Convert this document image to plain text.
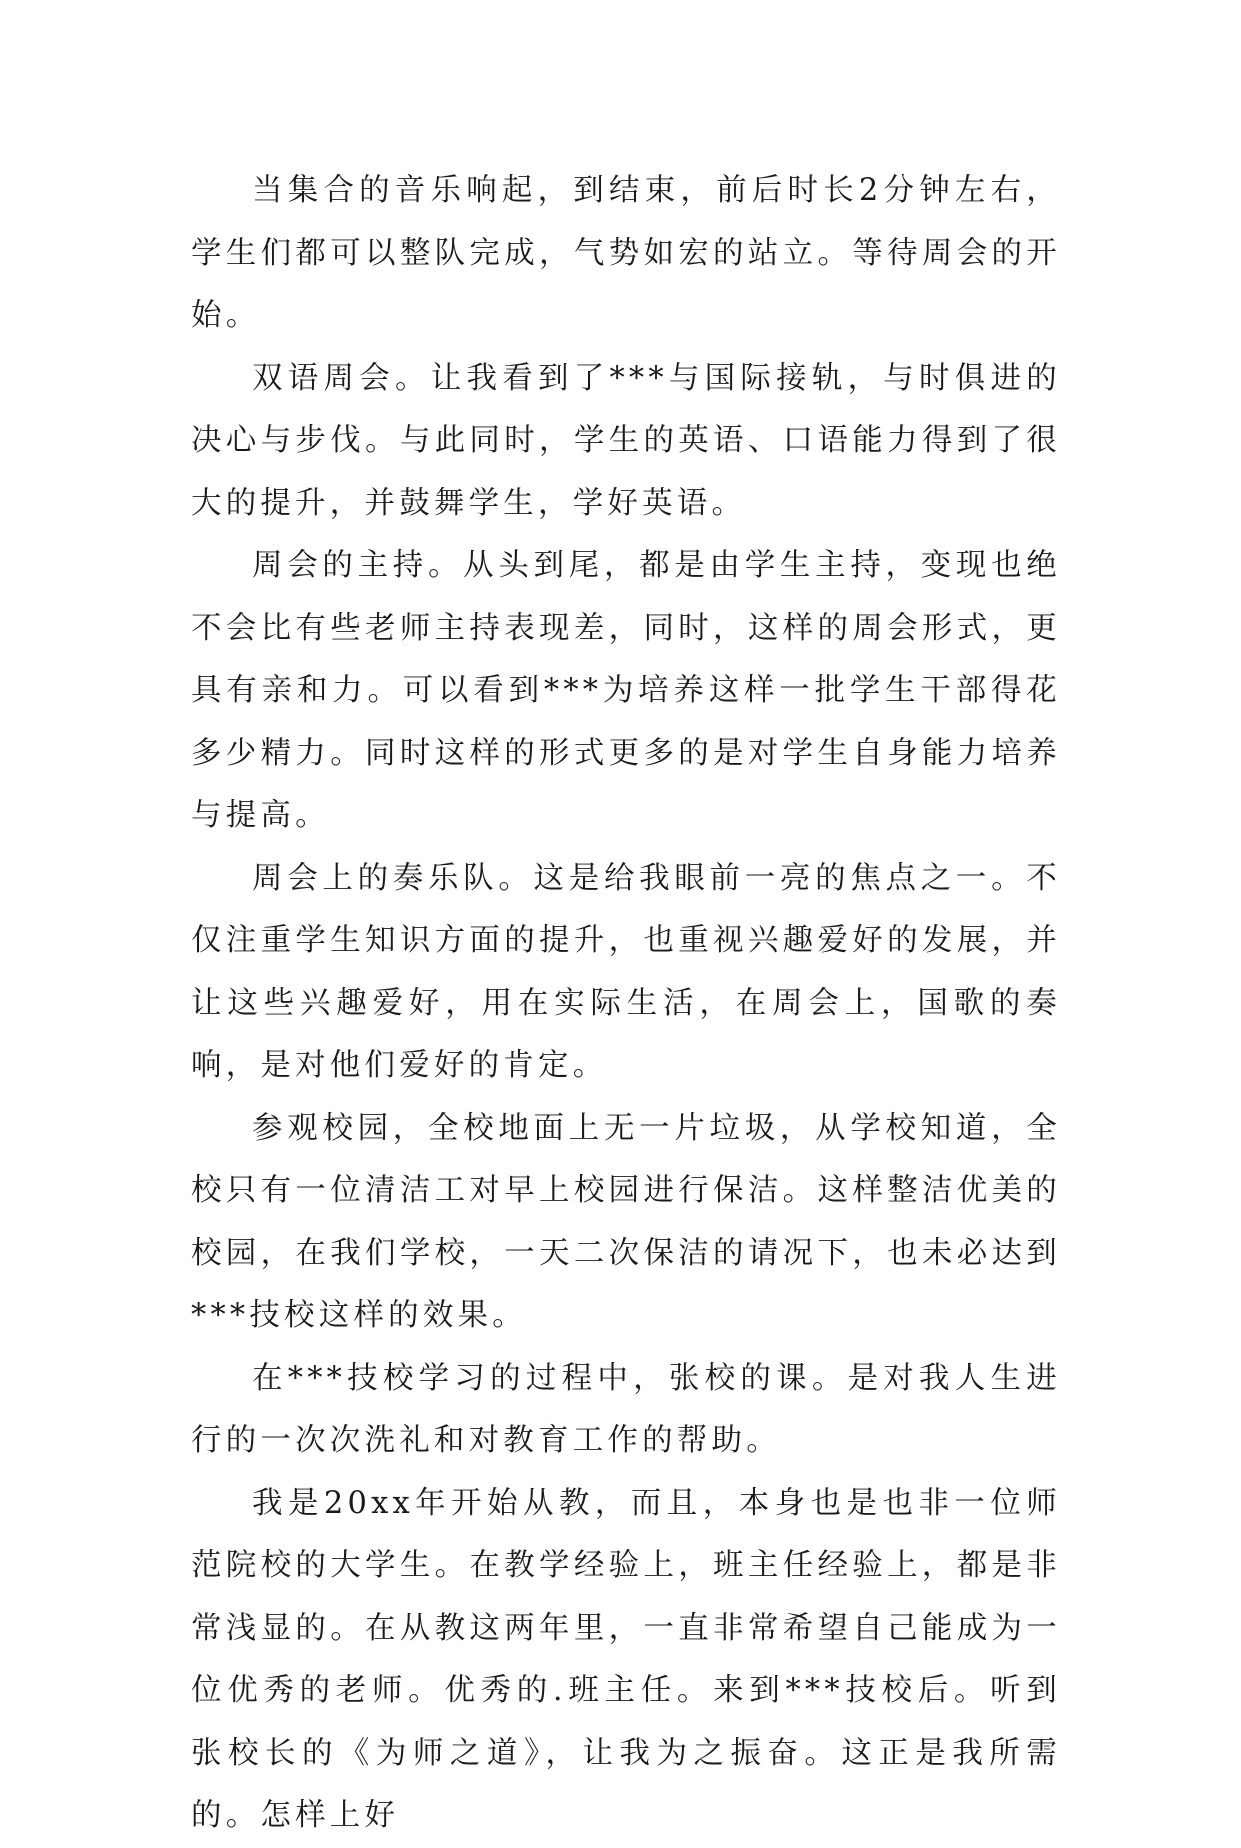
当集合的音乐响起，到结束，前后时长2分钟左右，学生们都可以整队完成，气势如宏的站立。等待周会的开始。

双语周会。让我看到了***与国际接轨，与时俱进的决心与步伐。与此同时，学生的英语、口语能力得到了很大的提升，并鼓舞学生，学好英语。

周会的主持。从头到尾，都是由学生主持，变现也绝不会比有些老师主持表现差，同时，这样的周会形式，更具有亲和力。可以看到***为培养这样一批学生干部得花多少精力。同时这样的形式更多的是对学生自身能力培养与提高。

周会上的奏乐队。这是给我眼前一亮的焦点之一。不仅注重学生知识方面的提升，也重视兴趣爱好的发展，并让这些兴趣爱好，用在实际生活，在周会上，国歌的奏响，是对他们爱好的肯定。

参观校园，全校地面上无一片垃圾，从学校知道，全校只有一位清洁工对早上校园进行保洁。这样整洁优美的校园，在我们学校，一天二次保洁的请况下，也未必达到***技校这样的效果。

在***技校学习的过程中，张校的课。是对我人生进行的一次次洗礼和对教育工作的帮助。

我是20xx年开始从教，而且，本身也是也非一位师范院校的大学生。在教学经验上，班主任经验上，都是非常浅显的。在从教这两年里，一直非常希望自己能成为一位优秀的老师。优秀的.班主任。来到***技校后。听到张校长的《为师之道》，让我为之振奋。这正是我所需的。怎样上好
